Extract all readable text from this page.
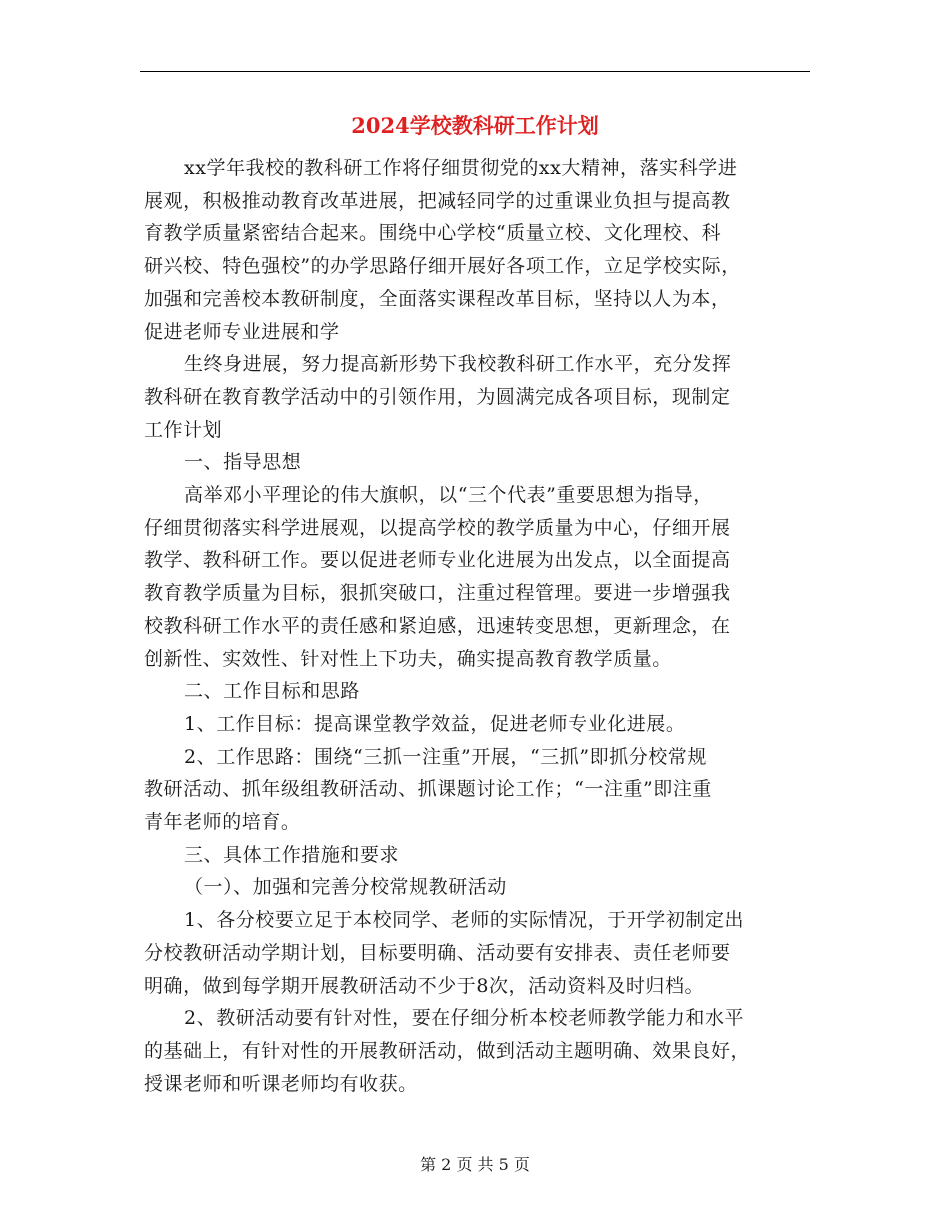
2024学校教科研工作计划
xx学年我校的教科研工作将仔细贯彻党的xx大精神，落实科学进
展观，积极推动教育改革进展，把减轻同学的过重课业负担与提高教
育教学质量紧密结合起来。围绕中心学校“质量立校、文化理校、科
研兴校、特色强校”的办学思路仔细开展好各项工作，立足学校实际，
加强和完善校本教研制度，全面落实课程改革目标，坚持以人为本，
促进老师专业进展和学
生终身进展，努力提高新形势下我校教科研工作水平，充分发挥
教科研在教育教学活动中的引领作用，为圆满完成各项目标，现制定
工作计划
一、指导思想
高举邓小平理论的伟大旗帜，以“三个代表”重要思想为指导，
仔细贯彻落实科学进展观，以提高学校的教学质量为中心，仔细开展
教学、教科研工作。要以促进老师专业化进展为出发点，以全面提高
教育教学质量为目标，狠抓突破口，注重过程管理。要进一步增强我
校教科研工作水平的责任感和紧迫感，迅速转变思想，更新理念，在
创新性、实效性、针对性上下功夫，确实提高教育教学质量。
二、工作目标和思路
1、工作目标：提高课堂教学效益，促进老师专业化进展。
2、工作思路：围绕“三抓一注重”开展，“三抓”即抓分校常规
教研活动、抓年级组教研活动、抓课题讨论工作；“一注重”即注重
青年老师的培育。
三、具体工作措施和要求
（一）、加强和完善分校常规教研活动
1、各分校要立足于本校同学、老师的实际情况，于开学初制定出
分校教研活动学期计划，目标要明确、活动要有安排表、责任老师要
明确，做到每学期开展教研活动不少于8次，活动资料及时归档。
2、教研活动要有针对性，要在仔细分析本校老师教学能力和水平
的基础上，有针对性的开展教研活动，做到活动主题明确、效果良好，
授课老师和听课老师均有收获。
第 2 页 共 5 页
